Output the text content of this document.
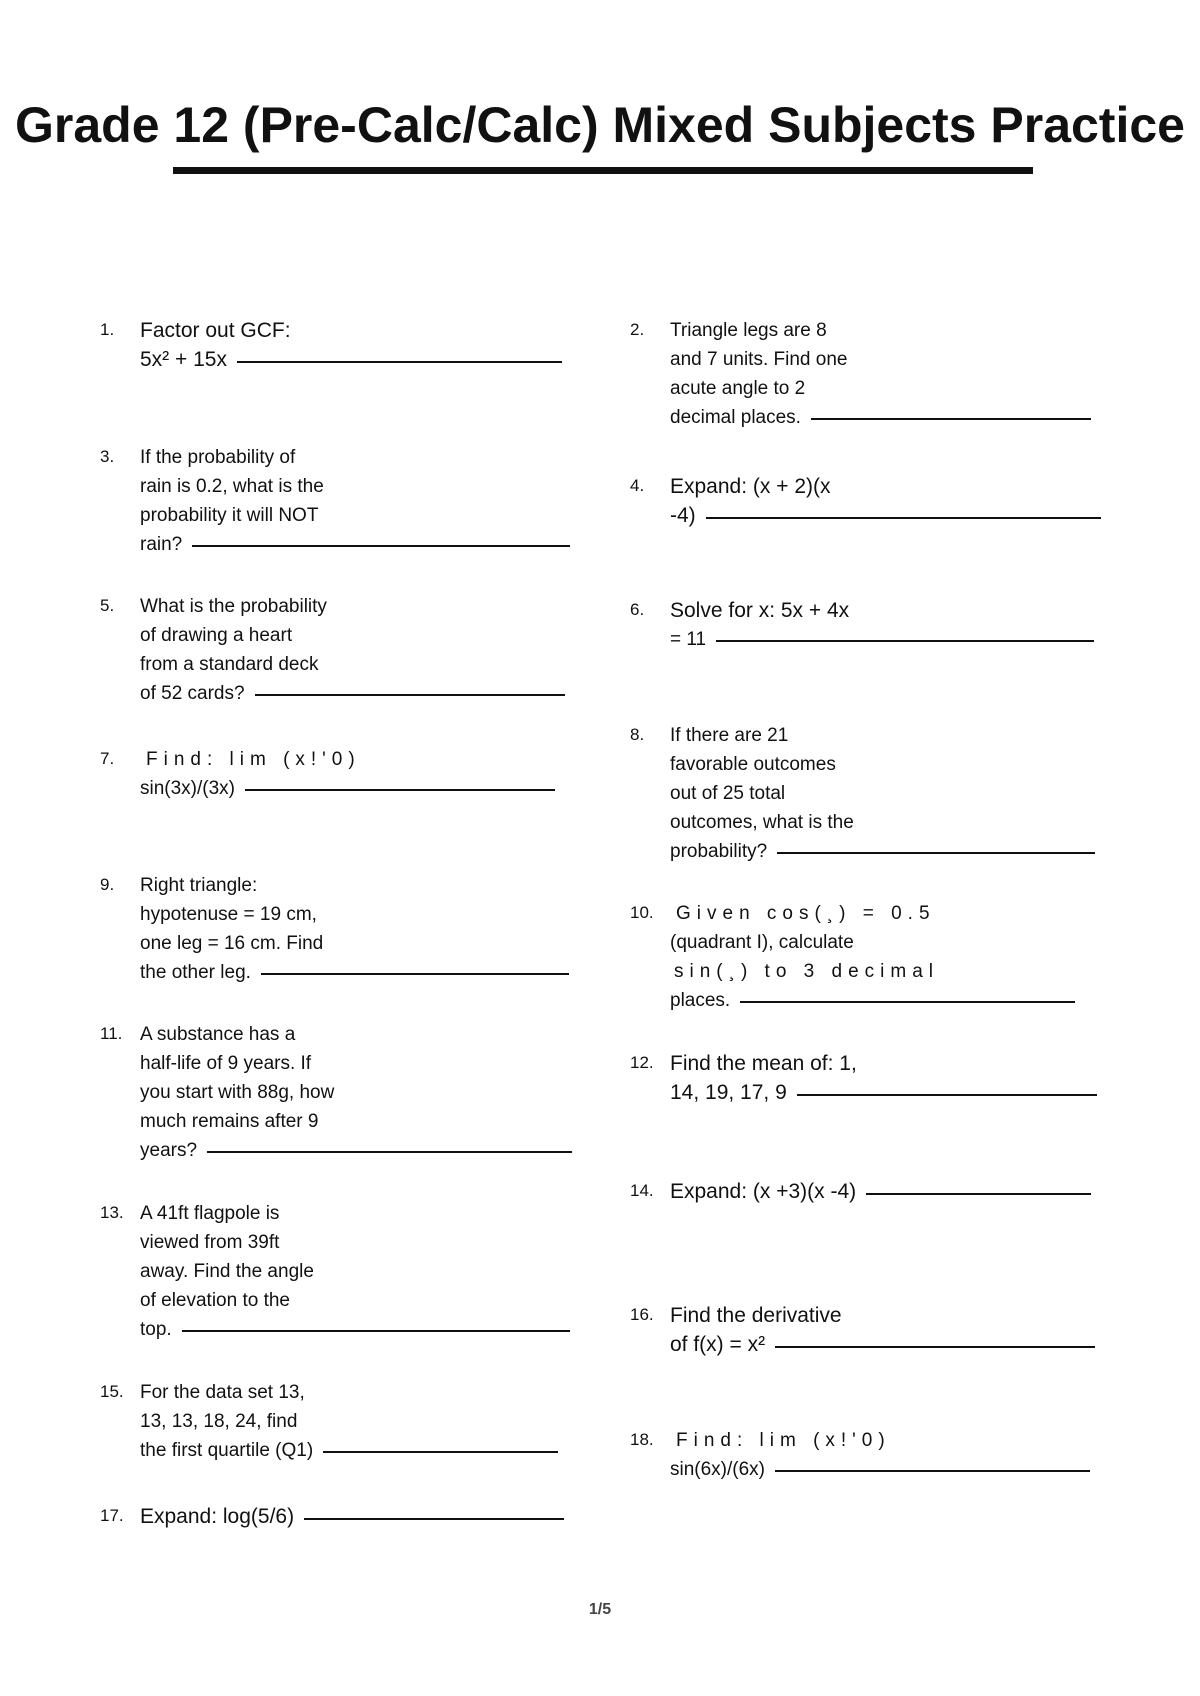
Grade 12 (Pre-Calc/Calc) Mixed Subjects Practice
1.	Factor out GCF:
5x² + 15x
2.	Triangle legs are 8
and 7 units. Find one
acute angle to 2
decimal places.
3.	If the probability of
rain is 0.2, what is the
probability it will NOT
rain?
4.	Expand: (x + 2)(x
-4)
5.	What is the probability
of drawing a heart
from a standard deck
of 52 cards?
6.	Solve for x: 5x + 4x
= 11
7.	Find: lim (x!'0)
sin(3x)/(3x)
8.	If there are 21
favorable outcomes
out of 25 total
outcomes, what is the
probability?
9.	Right triangle:
hypotenuse = 19 cm,
one leg = 16 cm. Find
the other leg.
10.	Given cos(¸) = 0.5
(quadrant I), calculate
sin(¸) to 3 decimal
places.
11. A substance has a
half-life of 9 years. If
you start with 88g, how
much remains after 9
years?
12. Find the mean of: 1,
14, 19, 17, 9
13. A 41ft flagpole is
viewed from 39ft
away. Find the angle
of elevation to the
top.
14. Expand: (x +3)(x -4)
15. For the data set 13,
13, 13, 18, 24, find
the first quartile (Q1)
16. Find the derivative
of f(x) = x²
17. Expand: log(5/6)
18.	Find: lim (x!'0)
sin(6x)/(6x)
1/5
